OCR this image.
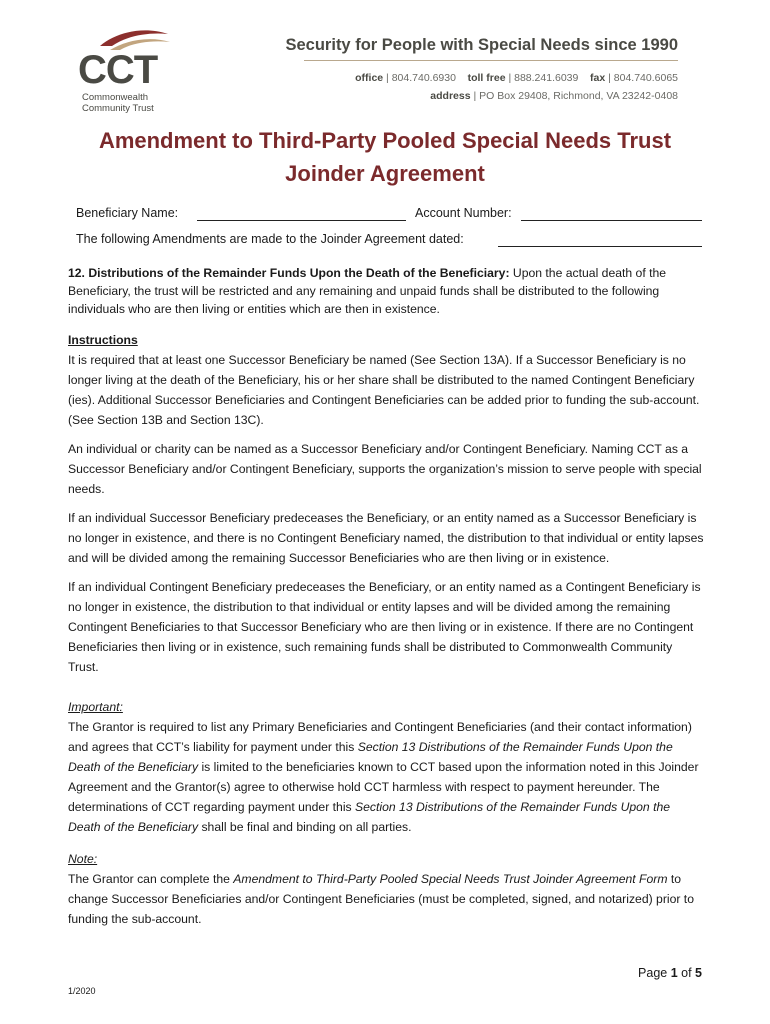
CCT
Commonwealth
Community Trust
Security for People with Special Needs since 1990
office | 804.740.6930 toll free | 888.241.6039 fax | 804.740.6065
address | PO Box 29408, Richmond, VA 23242-0408
Amendment to Third-Party Pooled Special Needs Trust
Joinder Agreement
Beneficiary Name:	Account Number:
The following Amendments are made to the Joinder Agreement dated:

12. Distributions of the Remainder Funds Upon the Death of the Beneficiary: Upon the actual death of the Beneficiary, the trust will be restricted and any remaining and unpaid funds shall be distributed to the following individuals who are then living or entities which are then in existence.

Instructions
It is required that at least one Successor Beneficiary be named (See Section 13A). If a Successor Beneficiary is no longer living at the death of the Beneficiary, his or her share shall be distributed to the named Contingent Beneficiary (ies). Additional Successor Beneficiaries and Contingent Beneficiaries can be added prior to funding the sub-account. (See Section 13B and Section 13C).

An individual or charity can be named as a Successor Beneficiary and/or Contingent Beneficiary. Naming CCT as a Successor Beneficiary and/or Contingent Beneficiary, supports the organization’s mission to serve people with special needs.

If an individual Successor Beneficiary predeceases the Beneficiary, or an entity named as a Successor Beneficiary is no longer in existence, and there is no Contingent Beneficiary named, the distribution to that individual or entity lapses and will be divided among the remaining Successor Beneficiaries who are then living or in existence.

If an individual Contingent Beneficiary predeceases the Beneficiary, or an entity named as a Contingent Beneficiary is no longer in existence, the distribution to that individual or entity lapses and will be divided among the remaining Contingent Beneficiaries to that Successor Beneficiary who are then living or in existence. If there are no Contingent Beneficiaries then living or in existence, such remaining funds shall be distributed to Commonwealth Community Trust.

Important:
The Grantor is required to list any Primary Beneficiaries and Contingent Beneficiaries (and their contact information) and agrees that CCT’s liability for payment under this Section 13 Distributions of the Remainder Funds Upon the Death of the Beneficiary is limited to the beneficiaries known to CCT based upon the information noted in this Joinder Agreement and the Grantor(s) agree to otherwise hold CCT harmless with respect to payment hereunder. The determinations of CCT regarding payment under this Section 13 Distributions of the Remainder Funds Upon the Death of the Beneficiary shall be final and binding on all parties.

Note:
The Grantor can complete the Amendment to Third-Party Pooled Special Needs Trust Joinder Agreement Form to change Successor Beneficiaries and/or Contingent Beneficiaries (must be completed, signed, and notarized) prior to funding the sub-account.

Page 1 of 5
1/2020
